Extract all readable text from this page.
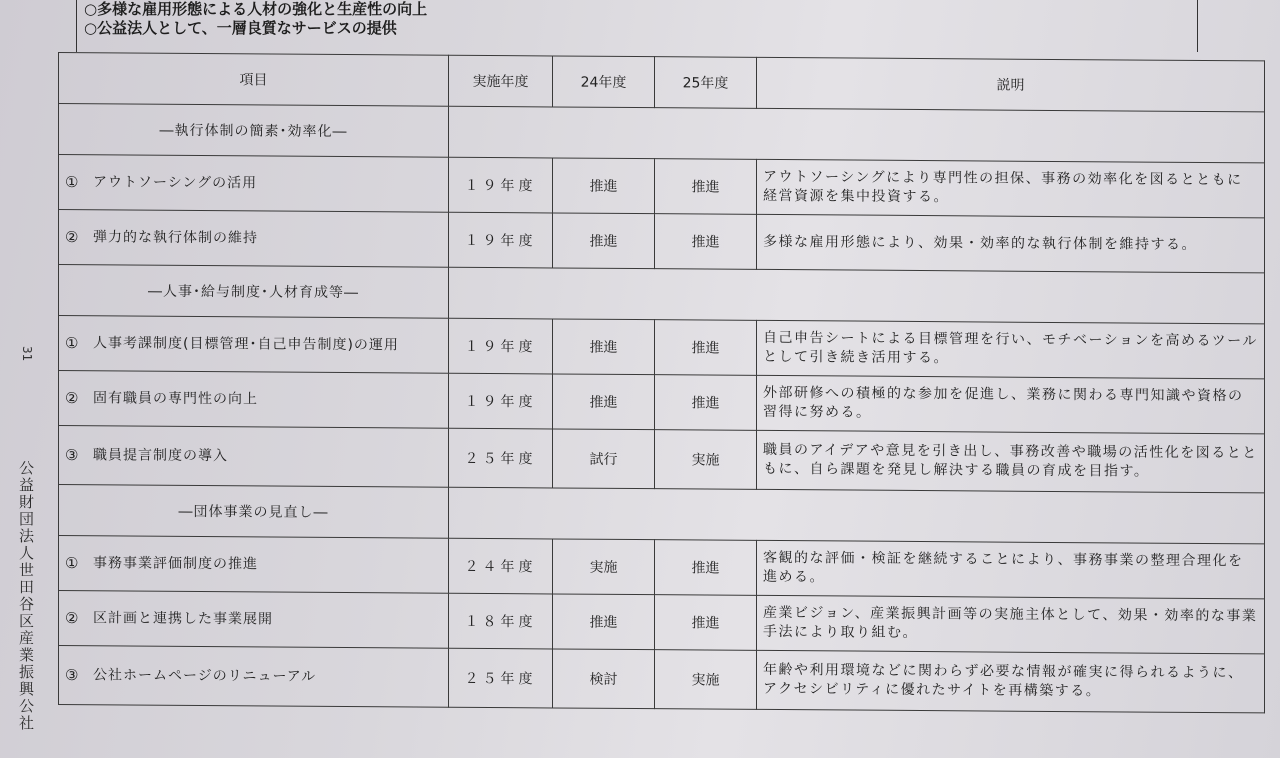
○多様な雇用形態による人材の強化と生産性の向上
○公益法人として、一層良質なサービスの提供
31
公益財団法人世田谷区産業振興公社
項目	実施年度	24年度	25年度	説明
―執行体制の簡素･効率化―				

① アウトソーシングの活用	１９年度	推進	推進	アウトソーシングにより専門性の担保、事務の効率化を図るとともに経営資源を集中投資する。

② 弾力的な執行体制の維持	１９年度	推進	推進	多様な雇用形態により、効果・効率的な執行体制を維持する。
―人事･給与制度･人材育成等―				

① 人事考課制度(目標管理･自己申告制度)の運用	１９年度	推進	推進	自己申告シートによる目標管理を行い、モチベーションを高めるツールとして引き続き活用する。

② 固有職員の専門性の向上	１９年度	推進	推進	外部研修への積極的な参加を促進し、業務に関わる専門知識や資格の習得に努める。

③ 職員提言制度の導入	２５年度	試行	実施	職員のアイデアや意見を引き出し、事務改善や職場の活性化を図るとともに、自ら課題を発見し解決する職員の育成を目指す。
―団体事業の見直し―				

① 事務事業評価制度の推進	２４年度	実施	推進	客観的な評価・検証を継続することにより、事務事業の整理合理化を進める。

② 区計画と連携した事業展開	１８年度	推進	推進	産業ビジョン、産業振興計画等の実施主体として、効果・効率的な事業手法により取り組む。

③ 公社ホームページのリニューアル	２５年度	検討	実施	年齢や利用環境などに関わらず必要な情報が確実に得られるように、アクセシビリティに優れたサイトを再構築する。
